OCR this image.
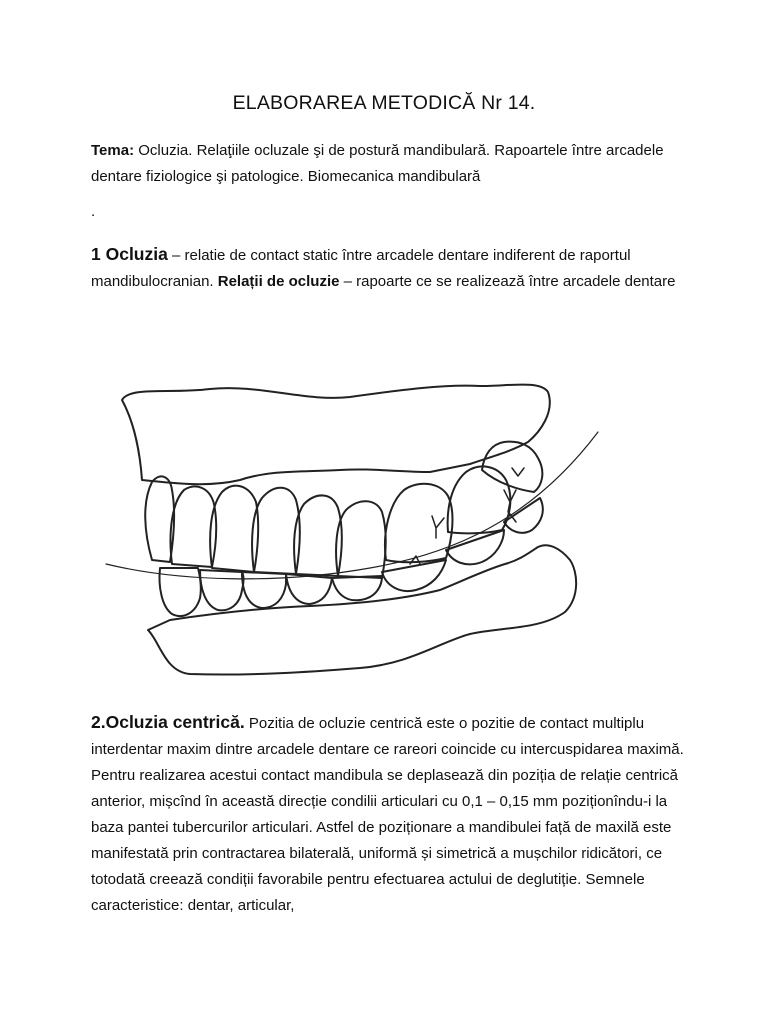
ELABORAREA METODICĂ Nr 14.

Tema: Ocluzia. Relaţiile ocluzale şi de postură mandibulară. Rapoartele între arcadele dentare fiziologice şi patologice. Biomecanica mandibulară

.

1 Ocluzia – relatie de contact static între arcadele dentare indiferent de raportul mandibulocranian. Relații de ocluzie – rapoarte ce se realizează între arcadele dentare

2.Ocluzia centrică. Pozitia de ocluzie centrică este o pozitie de contact multiplu interdentar maxim dintre arcadele dentare ce rareori coincide cu intercuspidarea maximă. Pentru realizarea acestui contact mandibula se deplasează din poziția de relație centrică anterior, mișcînd în această direcție condilii articulari cu 0,1 – 0,15 mm poziționîndu-i la baza pantei tubercurilor articulari. Astfel de poziționare a mandibulei față de maxilă este manifestată prin contractarea bilaterală, uniformă și simetrică a mușchilor ridicători, ce totodată creează condiții favorabile pentru efectuarea actului de deglutiție. Semnele caracteristice: dentar, articular,
